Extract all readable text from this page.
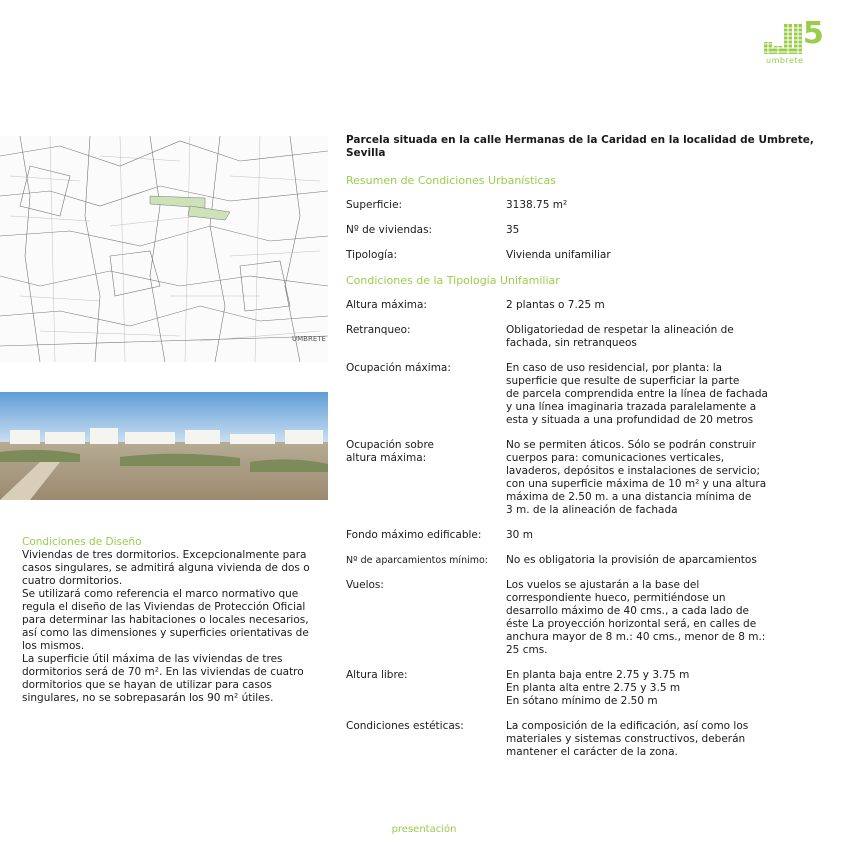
5
umbrete
UMBRETE
Condiciones de Diseño

Viviendas de tres dormitorios. Excepcionalmente para casos singulares, se admitirá alguna vivienda de dos o cuatro dormitorios.

Se utilizará como referencia el marco normativo que regula el diseño de las Viviendas de Protección Oficial para determinar las habitaciones o locales necesarios, así como las dimensiones y superficies orientativas de los mismos.

La superficie útil máxima de las viviendas de tres dormitorios será de 70 m². En las viviendas de cuatro dormitorios que se hayan de utilizar para casos singulares, no se sobrepasarán los 90 m² útiles.

Parcela situada en la calle Hermanas de la Caridad en la localidad de Umbrete, Sevilla
Resumen de Condiciones Urbanísticas
Superficie:	3138.75 m²
Nº de viviendas:	35
Tipología:	Vivienda unifamiliar
Condiciones de la Tipología Unifamiliar
Altura máxima:	2 plantas o 7.25 m
Retranqueo:	Obligatoriedad de respetar la alineación de
fachada, sin retranqueos
Ocupación máxima:	En caso de uso residencial, por planta: la
superficie que resulte de superficiar la parte
de parcela comprendida entre la línea de fachada
y una línea imaginaria trazada paralelamente a
esta y situada a una profundidad de 20 metros
Ocupación sobre
altura máxima:
No se permiten áticos. Sólo se podrán construir
cuerpos para: comunicaciones verticales,
lavaderos, depósitos e instalaciones de servicio;
con una superficie máxima de 10 m² y una altura
máxima de 2.50 m. a una distancia mínima de
3 m. de la alineación de fachada
Fondo máximo edificable:	30 m
Nº de aparcamientos mínimo:	No es obligatoria la provisión de aparcamientos
Vuelos:	Los vuelos se ajustarán a la base del
correspondiente hueco, permitiéndose un
desarrollo máximo de 40 cms., a cada lado de
éste La proyección horizontal será, en calles de
anchura mayor de 8 m.: 40 cms., menor de 8 m.:
25 cms.
Altura libre:	En planta baja entre 2.75 y 3.75 m
En planta alta entre 2.75 y 3.5 m
En sótano mínimo de 2.50 m
Condiciones estéticas:	La composición de la edificación, así como los
materiales y sistemas constructivos, deberán
mantener el carácter de la zona.
presentación
